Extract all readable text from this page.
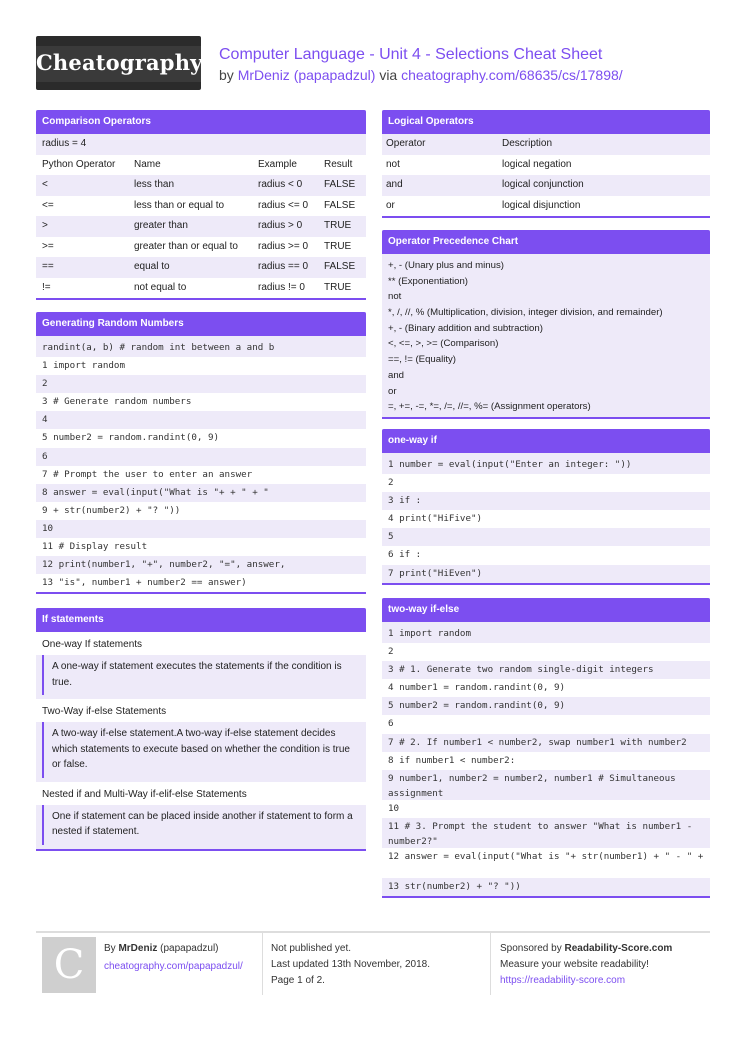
Cheatography Computer Language - Unit 4 - Selections Cheat Sheet
by MrDeniz (papapadzul) via cheatography.com/68635/cs/17898/
Comparison Operators
radius = 4
Python Operator Name	Example	Result
<	less than	radius < 0 FALSE
<=	less than or equal to	radius <= 0 FALSE
>	greater than	radius > 0 TRUE
>=	greater than or equal to radius >= 0 TRUE
==	equal to	radius == 0 FALSE
!=	not equal to	radius != 0 TRUE
Generating Random Numbers
randint(a, b) # random int between a and b
1 import random
2
3 # Generate random numbers
4
5 number2 = random.randint(0, 9)
6
7 # Prompt the user to enter an answer
8 answer = eval(input("What is "+ + " + "
9 + str(number2) + "? "))
10
11 # Display result
12 print(number1, "+", number2, "=", answer,
13 "is", number1 + number2 == answer)
If statements
One-way If statements
A one-way if statement executes the statements if the condition is true.
Two-Way if-else Statements
A two-way if-else statement.A two-way if-else statement decides which statements to execute based on whether the condition is true or false.
Nested if and Multi-Way if-elif-else Statements
One if statement can be placed inside another if statement to form a nested if statement.
Logical Operators
Operator	Description
not	logical negation
and	logical conjunction
or	logical disjunction
Operator Precedence Chart
+, - (Unary plus and minus)
** (Exponentiation)
not
*, /, //, % (Multiplication, division, integer division, and remainder)
+, - (Binary addition and subtraction)
<, <=, >, >= (Comparison)
==, != (Equality)
and
or
=, +=, -=, *=, /=, //=, %= (Assignment operators)
one-way if
1 number = eval(input("Enter an integer: "))
2
3 if :
4 print("HiFive")
5
6 if :
7 print("HiEven")
two-way if-else
1 import random
2
3 # 1. Generate two random single-digit integers
4 number1 = random.randint(0, 9)
5 number2 = random.randint(0, 9)
6
7 # 2. If number1 < number2, swap number1 with number2
8 if number1 < number2:
9 number1, number2 = number2, number1 # Simultaneous assignment
10
11 # 3. Prompt the student to answer "What is number1 - number2?"
12 answer = eval(input("What is "+ str(number1) + " - " +
13 str(number2) + "? "))
C	By MrDeniz (papapadzul)
cheatography.com/papapadzul/
Not published yet.
Last updated 13th November, 2018.
Page 1 of 2.
Sponsored by Readability-Score.com
Measure your website readability!
https://readability-score.com
